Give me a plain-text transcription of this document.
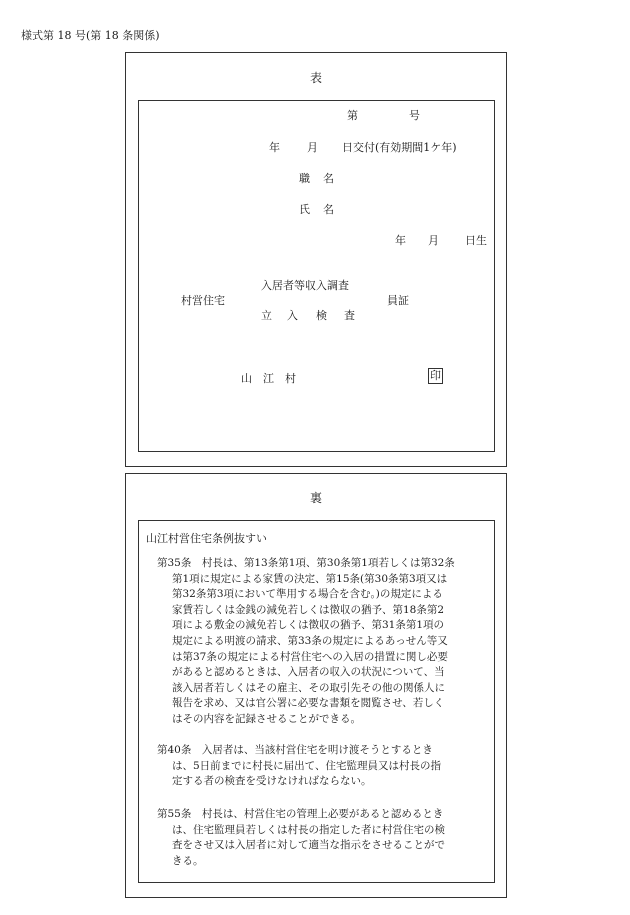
様式第 18 号(第 18 条関係)
表
第	号
年 月 日交付(有効期間1ケ年)
職 名
氏 名
年 月 日生
入居者等収入調査
村営住宅	員証
立 入 検 査
山 江 村	印
裏
山江村営住宅条例抜すい
第35条　村長は、第13条第1項、第30条第1項若しくは第32条
第1項に規定による家賃の決定、第15条(第30条第3項又は
第32条第3項において準用する場合を含む。)の規定による
家賃若しくは金銭の減免若しくは徴収の猶予、第18条第2
項による敷金の減免若しくは徴収の猶予、第31条第1項の
規定による明渡の請求、第33条の規定によるあっせん等又
は第37条の規定による村営住宅への入居の措置に関し必要
があると認めるときは、入居者の収入の状況について、当
該入居者若しくはその雇主、その取引先その他の関係人に
報告を求め、又は官公署に必要な書類を閲覧させ、若しく
はその内容を記録させることができる。
第40条　入居者は、当該村営住宅を明け渡そうとするとき
は、5日前までに村長に届出て、住宅監理員又は村長の指
定する者の検査を受けなければならない。
第55条　村長は、村営住宅の管理上必要があると認めるとき
は、住宅監理員若しくは村長の指定した者に村営住宅の検
査をさせ又は入居者に対して適当な指示をさせることがで
きる。
